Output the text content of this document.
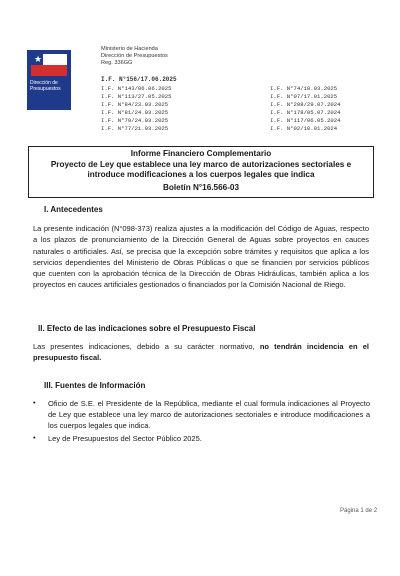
★
Dirección de Presupuestos
Ministerio de Hacienda
Dirección de Presupuestos
Reg. 336GG
I.F. N°156/17.06.2025
I.F. N°143/06.06.2025
I.F. N°113/27.05.2025
I.F. N°84/23.03.2025
I.F. N°81/24.03.2025
I.F. N°79/24.03.2025
I.F. N°77/21.03.2025
I.F. N°74/18.03.2025
I.F. N°07/17.01.2025
I.F. N°208/29.07.2024
I.F. N°178/05.07.2024
I.F. N°117/06.05.2024
I.F. N°02/10.01.2024
Informe Financiero Complementario
Proyecto de Ley que establece una ley marco de autorizaciones sectoriales e introduce modificaciones a los cuerpos legales que indica
Boletín N°16.566-03
I. Antecedentes
La presente indicación (N°098-373) realiza ajustes a la modificación del Código de Aguas, respecto a los plazos de pronunciamiento de la Dirección General de Aguas sobre proyectos en cauces naturales o artificiales. Así, se precisa que la excepción sobre trámites y requisitos que aplica a los servicios dependientes del Ministerio de Obras Públicas o que se financien por servicios públicos que cuenten con la aprobación técnica de la Dirección de Obras Hidráulicas, también aplica a los proyectos en cauces artificiales gestionados o financiados por la Comisión Nacional de Riego.
II. Efecto de las indicaciones sobre el Presupuesto Fiscal
Las presentes indicaciones, debido a su carácter normativo, no tendrán incidencia en el presupuesto fiscal.
III. Fuentes de Información
• Oficio de S.E. el Presidente de la República, mediante el cual formula indicaciones al Proyecto de Ley que establece una ley marco de autorizaciones sectoriales e introduce modificaciones a los cuerpos legales que indica.
• Ley de Presupuestos del Sector Público 2025.
Página 1 de 2
